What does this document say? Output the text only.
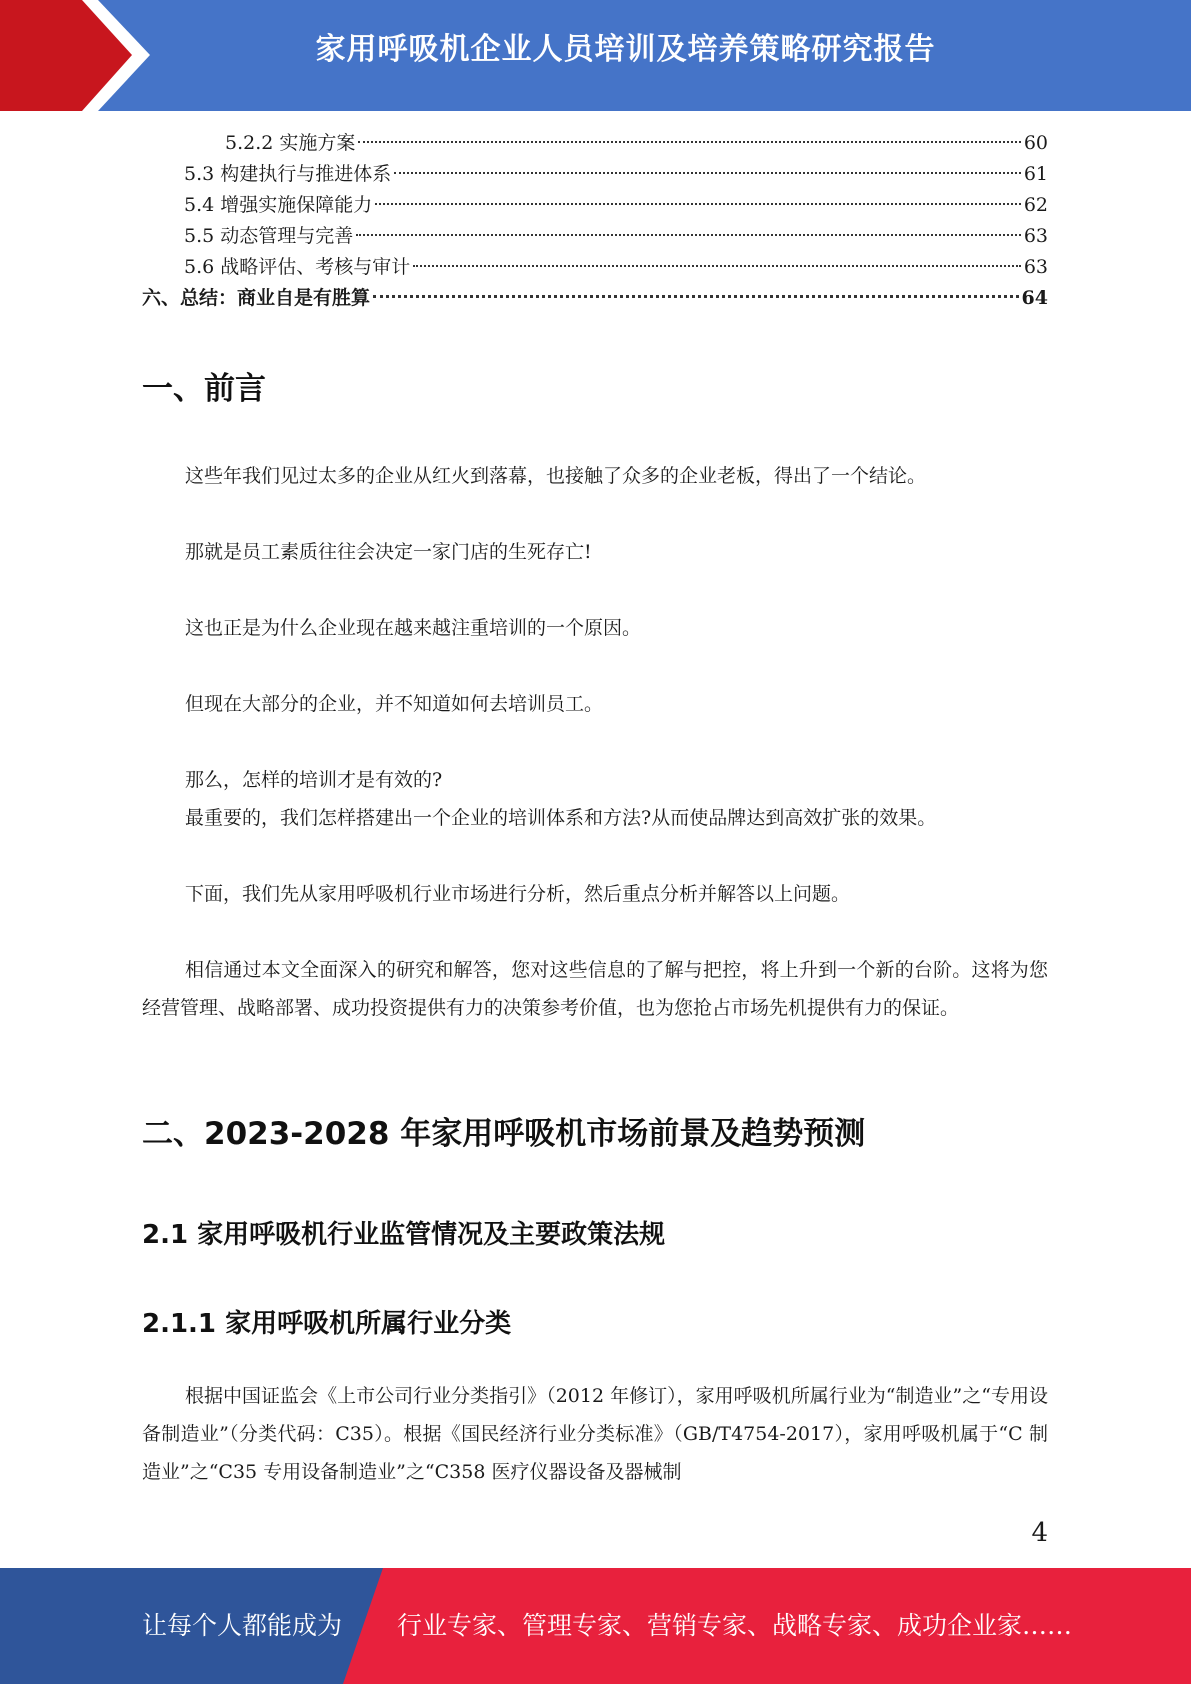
家用呼吸机企业人员培训及培养策略研究报告
5.2.2 实施方案	60
5.3 构建执行与推进体系	61
5.4 增强实施保障能力	62
5.5 动态管理与完善	63
5.6 战略评估、考核与审计	63
六、总结：商业自是有胜算	64
一、前言
这些年我们见过太多的企业从红火到落幕，也接触了众多的企业老板，得出了一个结论。
那就是员工素质往往会决定一家门店的生死存亡!
这也正是为什么企业现在越来越注重培训的一个原因。
但现在大部分的企业，并不知道如何去培训员工。
那么，怎样的培训才是有效的?
最重要的，我们怎样搭建出一个企业的培训体系和方法?从而使品牌达到高效扩张的效果。
下面，我们先从家用呼吸机行业市场进行分析，然后重点分析并解答以上问题。
相信通过本文全面深入的研究和解答，您对这些信息的了解与把控，将上升到一个新的台阶。这将为您经营管理、战略部署、成功投资提供有力的决策参考价值，也为您抢占市场先机提供有力的保证。
二、2023-2028 年家用呼吸机市场前景及趋势预测
2.1 家用呼吸机行业监管情况及主要政策法规
2.1.1 家用呼吸机所属行业分类
根据中国证监会《上市公司行业分类指引》（2012 年修订），家用呼吸机所属行业为“制造业”之“专用设备制造业”（分类代码：C35）。根据《国民经济行业分类标准》（GB/T4754-2017），家用呼吸机属于“C 制造业”之“C35 专用设备制造业”之“C358 医疗仪器设备及器械制
4
让每个人都能成为 行业专家、管理专家、营销专家、战略专家、成功企业家……
